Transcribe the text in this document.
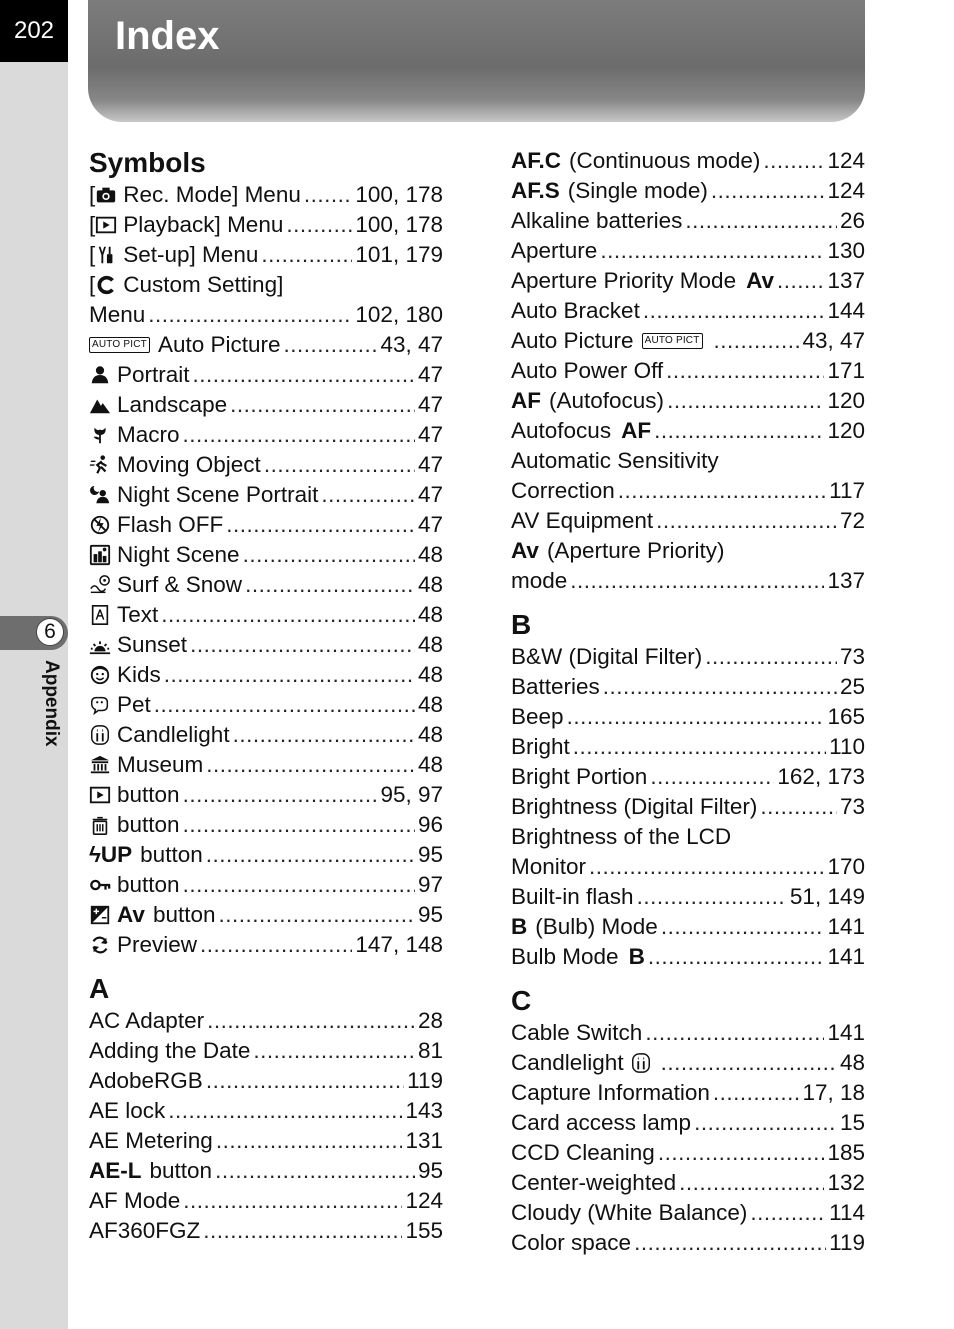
202	Index
6
Appendix
Symbols
[ Rec. Mode] Menu ..... 100, 178
[ Playback] Menu .....	100, 178
[ Set-up] Menu .....	101, 179
[ Custom Setting]
Menu .....	102, 180
AUTO PICT Auto Picture .....	43, 47
Portrait .....	47
Landscape .....	47
Macro .....	47
Moving Object .....	47
Night Scene Portrait .....	47
Flash OFF .....	47
Night Scene .....	48
Surf & Snow .....	48
Text .....	48
Sunset .....	48
Kids .....	48
Pet .....	48
Candlelight .....	48
Museum .....	48
button .....	95, 97
button .....	96
ϟUP button .....	95
button .....	97
Av button .....	95
Preview .....	147, 148
A
AC Adapter .....	28
Adding the Date .....	81
AdobeRGB .....	119
AE lock .....	143
AE Metering .....	131
AE-L button .....	95
AF Mode .....	124
AF360FGZ .....	155
AF.C (Continuous mode) .....	124
AF.S (Single mode) .....	124
Alkaline batteries .....	26
Aperture .....	130
Aperture Priority Mode Av ..... 137
Auto Bracket .....	144
Auto Picture	AUTO PICT .....	43, 47
Auto Power Off .....	171
AF (Autofocus) .....	120
Autofocus AF .....	120
Automatic Sensitivity
Correction .....	117
AV Equipment .....	72
Av (Aperture Priority)
mode .....	137
B
B&W (Digital Filter) .....	73
Batteries .....	25
Beep .....	165
Bright .....	110
Bright Portion .....	162, 173
Brightness (Digital Filter) .....	73
Brightness of the LCD
Monitor .....	170
Built-in flash .....	51, 149
B (Bulb) Mode .....	141
Bulb Mode B .....	141
C
Cable Switch .....	141
Candlelight .....	48
Capture Information .....	17, 18
Card access lamp .....	15
CCD Cleaning .....	185
Center-weighted .....	132
Cloudy (White Balance) .....	114
Color space .....	119
